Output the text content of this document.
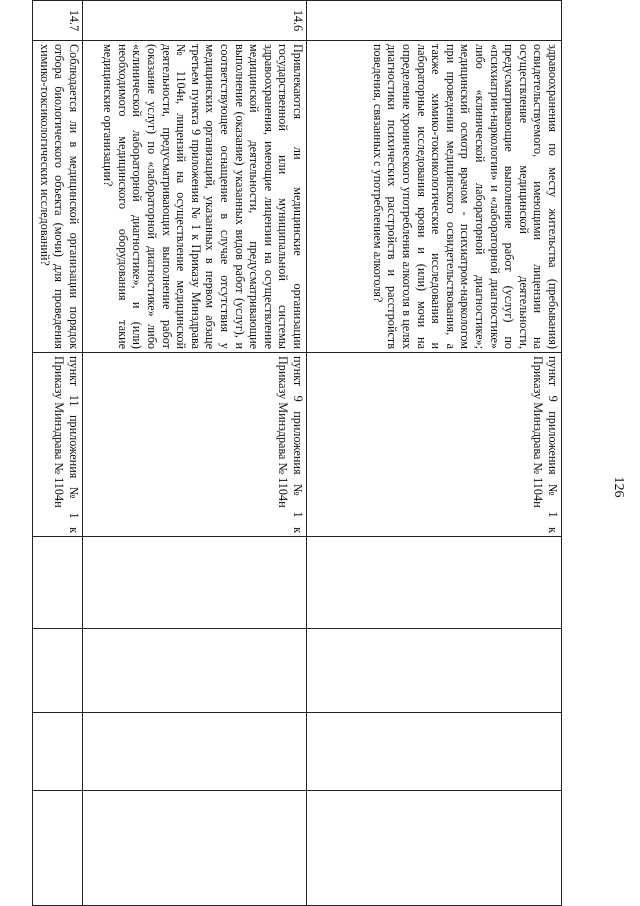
126
	здравоохранения по месту жительства (пребывания) освидетельствуемого, имеющими лицензии на осуществление медицинской деятельности, предусматривающие выполнение работ (услуг) по «психиатрии-наркологии» и «лабораторной диагностике» либо «клинической лабораторной диагностике»; медицинский осмотр врачом - психиатром-наркологом при проведении медицинского освидетельствования, а также химико-токсикологические исследования и лабораторные исследования крови и (или) мочи на определение хронического употребления алкоголя в целях диагностики психических расстройств и расстройств поведения, связанных с употреблением алкоголя?	пункт 9 приложения № 1 к Приказу Минздрава № 1104н				
14.6	Привлекаются ли медицинские организации государственной или муниципальной системы здравоохранения, имеющие лицензии на осуществление медицинской деятельности, предусматривающие выполнение (оказание) указанных видов работ (услуг), и соответствующее оснащение в случае отсутствия у медицинских организаций, указанных в первом абзаце третьем пункта 9 приложения № 1 к Приказу Минздрава № 1104н, лицензий на осуществление медицинской деятельности, предусматривающих выполнение работ (оказание услуг) по «лабораторной диагностике» либо «клинической лабораторной диагностике», и (или) необходимого медицинского оборудования такие медицинские организации?	пункт 9 приложения № 1 к Приказу Минздрава № 1104н				
14.7	Соблюдается ли в медицинской организации порядок отбора биологического объекта (мочи) для проведения химико-токсикологических исследований?	пункт 11 приложения № 1 к Приказу Минздрава № 1104н				
